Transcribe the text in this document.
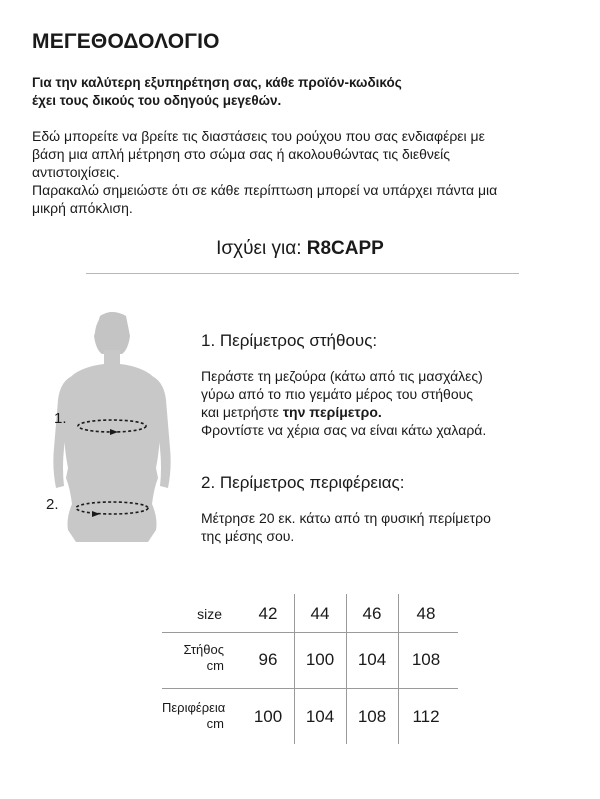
ΜΕΓΕΘΟΔΟΛΟΓΙΟ
Για την καλύτερη εξυπηρέτηση σας, κάθε προϊόν-κωδικός
έχει τους δικούς του οδηγούς μεγεθών.
Εδώ μπορείτε να βρείτε τις διαστάσεις του ρούχου που σας ενδιαφέρει με
βάση μια απλή μέτρηση στο σώμα σας ή ακολουθώντας τις διεθνείς
αντιστοιχίσεις.
Παρακαλώ σημειώστε ότι σε κάθε περίπτωση μπορεί να υπάρχει πάντα μια
μικρή απόκλιση.
Ισχύει για: R8CAPP
1.
2.
1. Περίμετρος στήθους:
Περάστε τη μεζούρα (κάτω από τις μασχάλες)
γύρω από το πιο γεμάτο μέρος του στήθους
και μετρήστε την περίμετρο.
Φροντίστε να χέρια σας να είναι κάτω χαλαρά.
2. Περίμετρος περιφέρειας:
Μέτρησε 20 εκ. κάτω από τη φυσική περίμετρο
της μέσης σου.
size	42	44	46	48
Στήθος
cm	96	100	104	108
Περιφέρεια
cm	100	104	108	112
